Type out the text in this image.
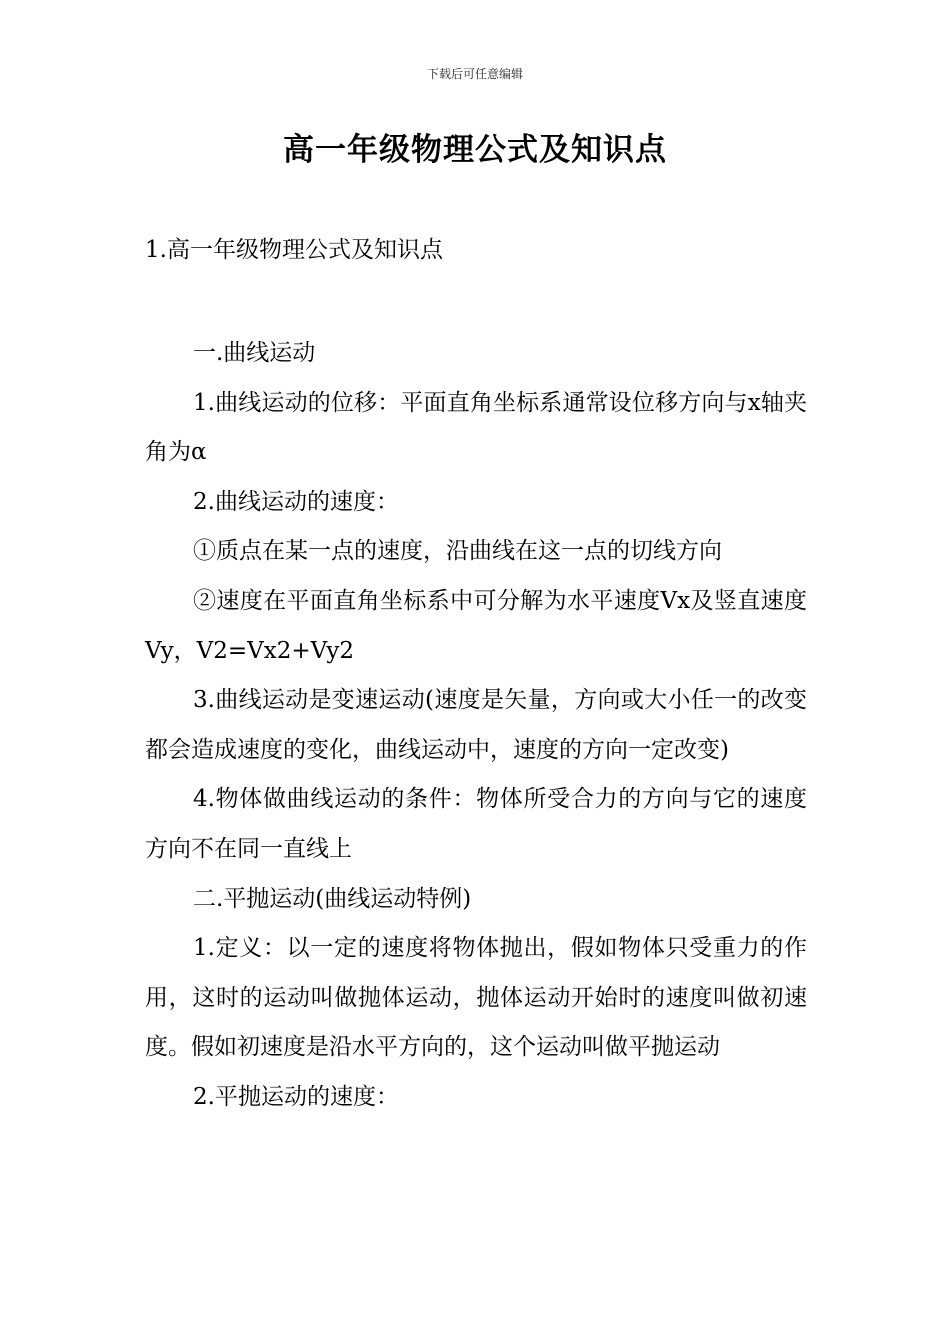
下载后可任意编辑
高一年级物理公式及知识点
1.高一年级物理公式及知识点

一.曲线运动

1.曲线运动的位移：平面直角坐标系通常设位移方向与x轴夹角为α

2.曲线运动的速度：

①质点在某一点的速度，沿曲线在这一点的切线方向

②速度在平面直角坐标系中可分解为水平速度Vx及竖直速度Vy，V2=Vx2+Vy2

3.曲线运动是变速运动(速度是矢量，方向或大小任一的改变都会造成速度的变化，曲线运动中，速度的方向一定改变)

4.物体做曲线运动的条件：物体所受合力的方向与它的速度方向不在同一直线上

二.平抛运动(曲线运动特例)

1.定义：以一定的速度将物体抛出，假如物体只受重力的作用，这时的运动叫做抛体运动，抛体运动开始时的速度叫做初速度。假如初速度是沿水平方向的，这个运动叫做平抛运动

2.平抛运动的速度：
